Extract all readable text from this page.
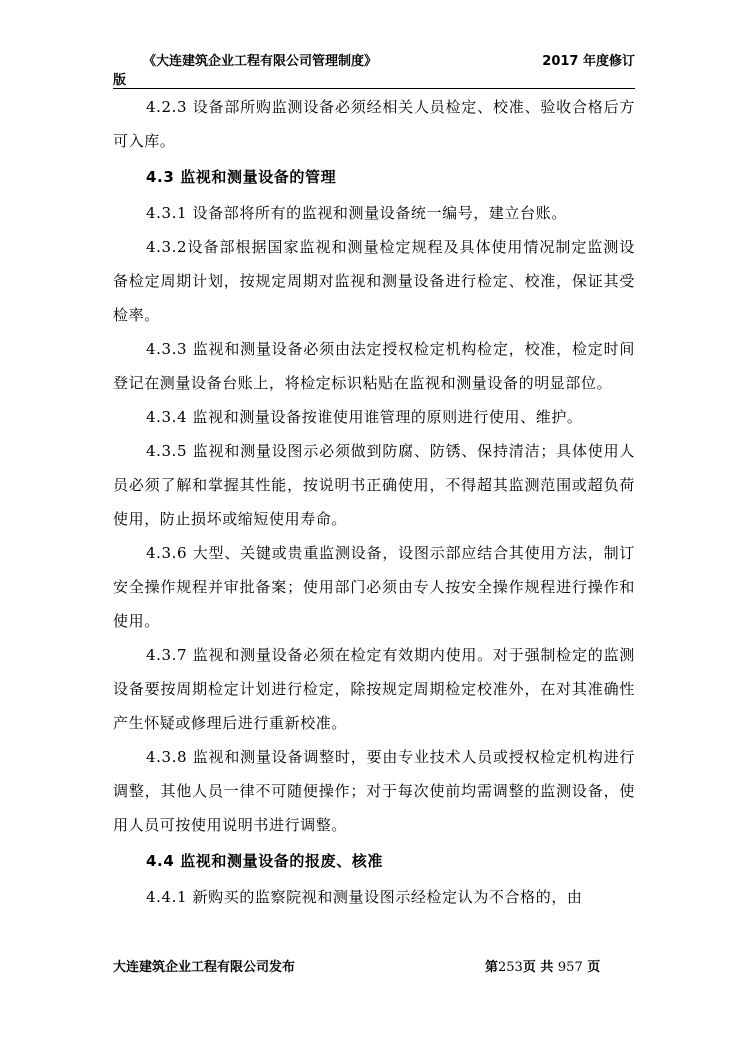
《大连建筑企业工程有限公司管理制度》	2017 年度修订
版

4.2.3 设备部所购监测设备必须经相关人员检定、校准、验收合格后方可入库。

4.3 监视和测量设备的管理

4.3.1 设备部将所有的监视和测量设备统一编号，建立台账。

4.3.2设备部根据国家监视和测量检定规程及具体使用情况制定监测设备检定周期计划，按规定周期对监视和测量设备进行检定、校准，保证其受检率。

4.3.3 监视和测量设备必须由法定授权检定机构检定，校准，检定时间登记在测量设备台账上，将检定标识粘贴在监视和测量设备的明显部位。

4.3.4 监视和测量设备按谁使用谁管理的原则进行使用、维护。

4.3.5 监视和测量设图示必须做到防腐、防锈、保持清洁；具体使用人员必须了解和掌握其性能，按说明书正确使用，不得超其监测范围或超负荷使用，防止损坏或缩短使用寿命。

4.3.6 大型、关键或贵重监测设备，设图示部应结合其使用方法，制订安全操作规程并审批备案；使用部门必须由专人按安全操作规程进行操作和使用。

4.3.7 监视和测量设备必须在检定有效期内使用。对于强制检定的监测设备要按周期检定计划进行检定，除按规定周期检定校准外，在对其准确性产生怀疑或修理后进行重新校准。

4.3.8 监视和测量设备调整时，要由专业技术人员或授权检定机构进行调整，其他人员一律不可随便操作；对于每次使前均需调整的监测设备，使用人员可按使用说明书进行调整。

4.4 监视和测量设备的报废、核准

4.4.1 新购买的监察院视和测量设图示经检定认为不合格的，由

大连建筑企业工程有限公司发布	第253页 共 957 页
